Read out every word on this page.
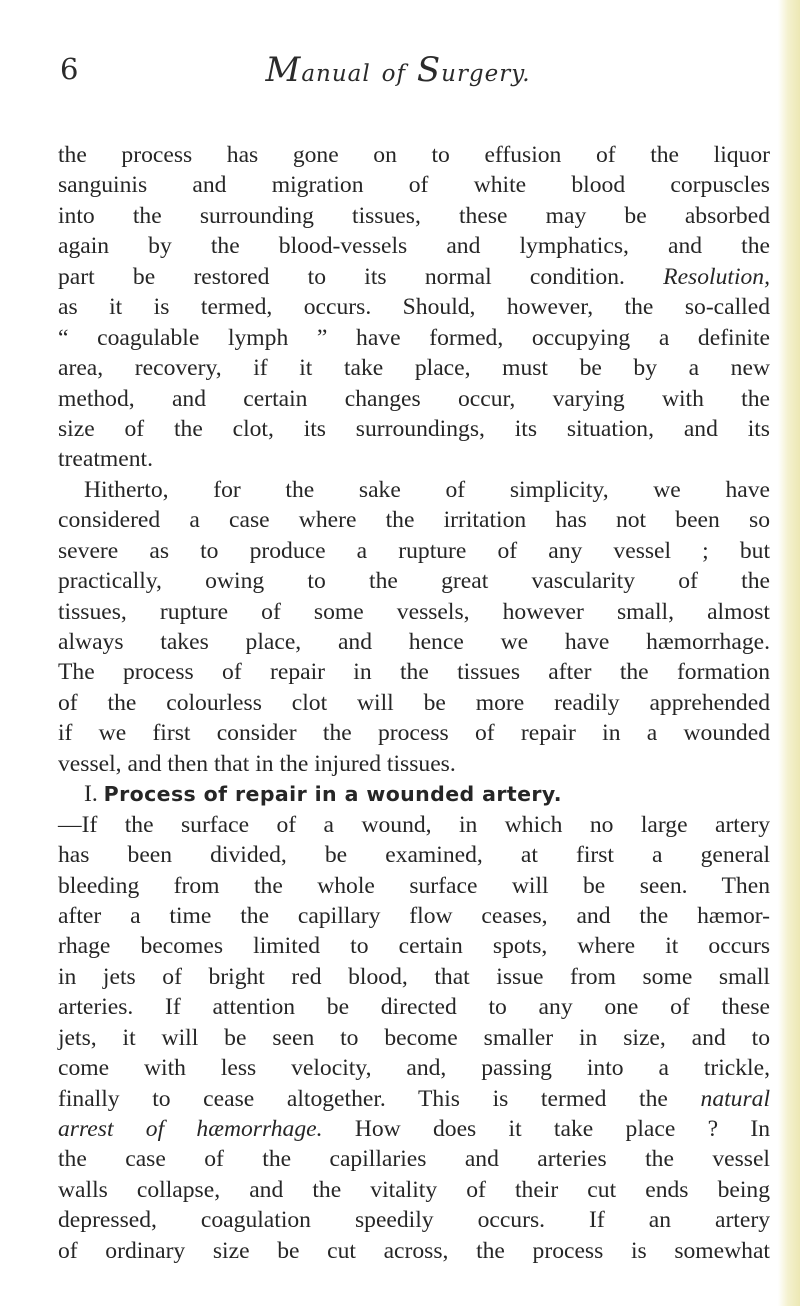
6	Manual of Surgery.
the process has gone on to effusion of the liquor
sanguinis and migration of white blood corpuscles
into the surrounding tissues, these may be absorbed
again by the blood-vessels and lymphatics, and the
part be restored to its normal condition. Resolution,
as it is termed, occurs. Should, however, the so-called
“ coagulable lymph ” have formed, occupying a definite
area, recovery, if it take place, must be by a new
method, and certain changes occur, varying with the
size of the clot, its surroundings, its situation, and its
treatment.
Hitherto, for the sake of simplicity, we have
considered a case where the irritation has not been so
severe as to produce a rupture of any vessel ; but
practically, owing to the great vascularity of the
tissues, rupture of some vessels, however small, almost
always takes place, and hence we have hæmorrhage.
The process of repair in the tissues after the formation
of the colourless clot will be more readily apprehended
if we first consider the process of repair in a wounded
vessel, and then that in the injured tissues.
I. Process of repair in a wounded artery.
—If the surface of a wound, in which no large artery
has been divided, be examined, at first a general
bleeding from the whole surface will be seen. Then
after a time the capillary flow ceases, and the hæmor-
rhage becomes limited to certain spots, where it occurs
in jets of bright red blood, that issue from some small
arteries. If attention be directed to any one of these
jets, it will be seen to become smaller in size, and to
come with less velocity, and, passing into a trickle,
finally to cease altogether. This is termed the natural
arrest of hæmorrhage. How does it take place ? In
the case of the capillaries and arteries the vessel
walls collapse, and the vitality of their cut ends being
depressed, coagulation speedily occurs. If an artery
of ordinary size be cut across, the process is somewhat
